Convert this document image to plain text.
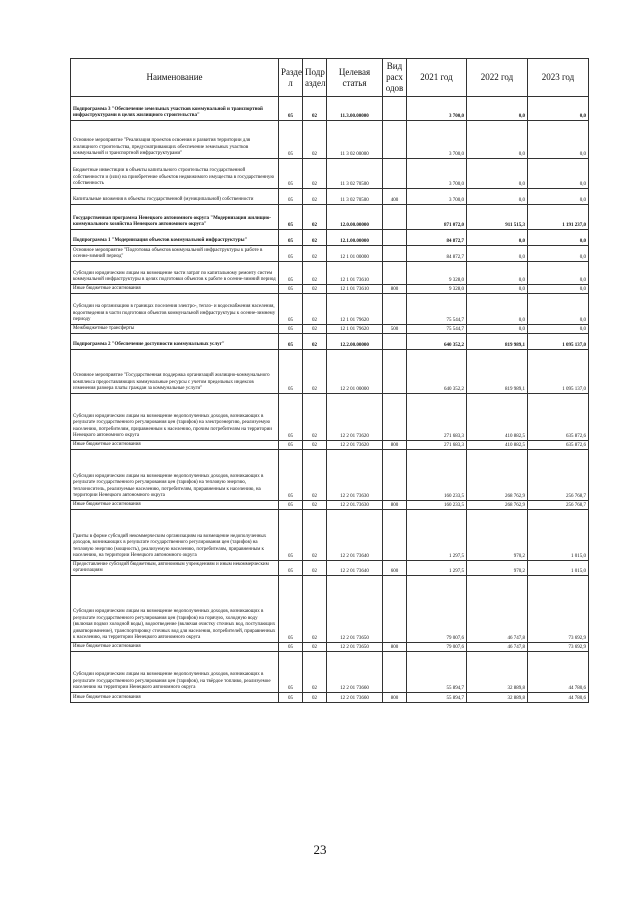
Наименование	Разде л	Подр аздел	Целевая статья	Вид расх одов	2021 год	2022 год	2023 год
Подпрограмма 3 "Обеспечение земельных участков коммунальной и транспортной инфраструктурами в целях жилищного строительства"	05	02	11.3.00.00000		3 700,0	0,0	0,0
Основное мероприятие "Реализация проектов освоения и развития территории для жилищного строительства, предусматривающих обеспечение земельных участков коммунальной и транспортной инфраструктурами"	05	02	11 3 02 00000		3 700,0	0,0	0,0
Бюджетные инвестиции в объекты капитального строительства государственной собственности и (или) на приобретение объектов недвижимого имущества в государственную собственность	05	02	11 3 02 70500		3 700,0	0,0	0,0
Капитальные вложения в объекты государственной (муниципальной) собственности	05	02	11 3 02 70500	400	3 700,0	0,0	0,0
Государственная программа Ненецкого автономного округа "Модернизация жилищно-коммунального хозяйства Ненецкого автономного округа"	05	02	12.0.00.00000		871 072,0	911 515,3	1 191 237,0
Подпрограмма 1 "Модернизация объектов коммунальной инфраструктуры"	05	02	12.1.00.00000		84 872,7	0,0	0,0
Основное мероприятие "Подготовка объектов коммунальной инфраструктуры к работе в осенне-зимний период"	05	02	12 1 01 00000		84 872,7	0,0	0,0
Субсидии юридическим лицам на возмещение части затрат по капитальному ремонту систем коммунальной инфраструктуры в целях подготовки объектов к работе в осенне-зимний период	05	02	12 1 01 73610		9 328,0	0,0	0,0
Иные бюджетные ассигнования	05	02	12 1 01 73610	800	9 328,0	0,0	0,0
Субсидии на организацию в границах поселения электро-, тепло- и водоснабжения населения, водоотведения в части подготовки объектов коммунальной инфраструктуры к осенне-зимнему периоду	05	02	12 1 01 79620		75 544,7	0,0	0,0
Межбюджетные трансферты	05	02	12 1 01 79620	500	75 544,7	0,0	0,0
Подпрограмма 2 "Обеспечение доступности коммунальных услуг"	05	02	12.2.00.00000		640 352,2	819 989,1	1 095 137,0
Основное мероприятие "Государственная поддержка организаций жилищно-коммунального комплекса предоставляющих коммунальные ресурсы с учетом предельных индексов изменения размера платы граждан за коммунальные услуги"	05	02	12 2 01 00000		640 352,2	819 989,1	1 095 137,0
Субсидии юридическим лицам на возмещение недополученных доходов, возникающих в результате государственного регулирования цен (тарифов) на электроэнергию, реализуемую населению, потребителям, приравненным к населению, прочим потребителям на территории Ненецкого автономного округа	05	02	12 2 01 73620		271 683,3	410 882,5	635 872,6
Иные бюджетные ассигнования	05	02	12 2 01 73620	800	271 683,3	410 882,5	635 872,6
Субсидии юридическим лицам на возмещение недополученных доходов, возникающих в результате государственного регулирования цен (тарифов) на тепловую энергию, теплоноситель, реализуемые населению, потребителям, приравненным к населению, на территории Ненецкого автономного округа	05	02	12 2 01 73630		160 233,5	268 762,9	256 768,7
Иные бюджетные ассигнования	05	02	12 2 01.73630	800	160 233,5	268 762,9	256 768,7
Гранты в форме субсидий некоммерческим организациям на возмещение недополученных доходов, возникающих в результате государственного регулирования цен (тарифов) на тепловую энергию (мощность), реализуемую населению, потребителям, приравненным к населению, на территории Ненецкого автономного округа	05	02	12 2 01 73640		1 297,5	970,2	1 015,0
Предоставление субсидий бюджетным, автономным учреждениям и иным некоммерческим организациям	05	02	12 2 01 73640	600	1 297,5	970,2	1 015,0
Субсидии юридическим лицам на возмещение недополученных доходов, возникающих в результате государственного регулирования цен (тарифов) на горячую, холодную воду (включая подвоз холодной воды), водоотведение (включая очистку сточных вод, поступающих диватворимнение), транспортировку сточных вод для населения, потребителей, приравненных к населению, на территории Ненецкого автономного округа	05	02	12 2 01 73650		79 007,6	46 747,8	73 692,9
Иные бюджетные ассигнования	05	02	12 2 01 73650	800	79 007,6	46 747,8	73 692,9
Субсидии юридическим лицам на возмещение недополученных доходов, возникающих в результате государственного регулирования цен (тарифов), на твёрдое топливо, реализуемое населению на территории Ненецкого автономного округа	05	02	12 2 01 73660		55 894,7	32 889,8	44 780,6
Иные бюджетные ассигнования	05	02	12 2 01 73660	800	55 894,7	32 889,8	44 780,6
23
